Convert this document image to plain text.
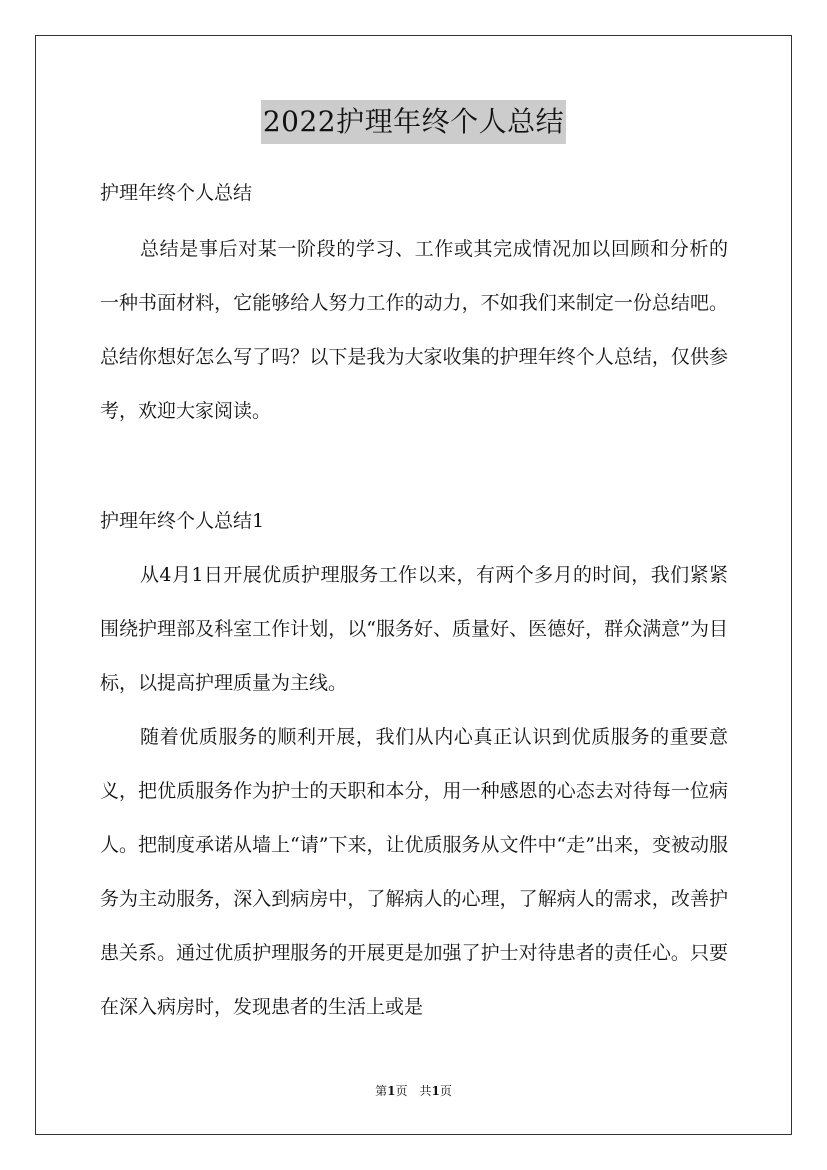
2022护理年终个人总结

护理年终个人总结

总结是事后对某一阶段的学习、工作或其完成情况加以回顾和分析的一种书面材料，它能够给人努力工作的动力，不如我们来制定一份总结吧。总结你想好怎么写了吗？以下是我为大家收集的护理年终个人总结，仅供参考，欢迎大家阅读。

护理年终个人总结1

从4月1日开展优质护理服务工作以来，有两个多月的时间，我们紧紧围绕护理部及科室工作计划，以“服务好、质量好、医德好，群众满意”为目标，以提高护理质量为主线。

随着优质服务的顺利开展，我们从内心真正认识到优质服务的重要意义，把优质服务作为护士的天职和本分，用一种感恩的心态去对待每一位病人。把制度承诺从墙上“请”下来，让优质服务从文件中“走”出来，变被动服务为主动服务，深入到病房中，了解病人的心理，了解病人的需求，改善护患关系。通过优质护理服务的开展更是加强了护士对待患者的责任心。只要在深入病房时，发现患者的生活上或是

第1页　共1页
